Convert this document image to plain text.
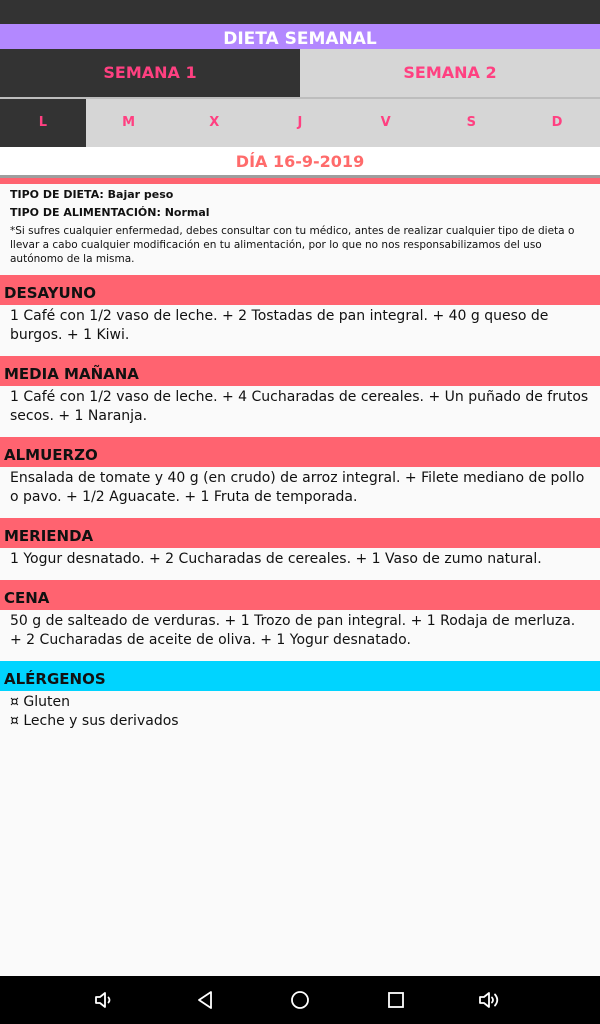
DIETA SEMANAL
SEMANA 1	SEMANA 2
L	M	X	J	V	S	D
DÍA 16-9-2019
TIPO DE DIETA: Bajar peso
TIPO DE ALIMENTACIÓN: Normal
*Si sufres cualquier enfermedad, debes consultar con tu médico, antes de realizar cualquier tipo de dieta o llevar a cabo cualquier modificación en tu alimentación, por lo que no nos responsabilizamos del uso autónomo de la misma.
DESAYUNO
1 Café con 1/2 vaso de leche. + 2 Tostadas de pan integral. + 40 g queso de burgos. + 1 Kiwi.
MEDIA MAÑANA
1 Café con 1/2 vaso de leche. + 4 Cucharadas de cereales. + Un puñado de frutos secos. + 1 Naranja.
ALMUERZO
Ensalada de tomate y 40 g (en crudo) de arroz integral. + Filete mediano de pollo o pavo. + 1/2 Aguacate. + 1 Fruta de temporada.
MERIENDA
1 Yogur desnatado. + 2 Cucharadas de cereales. + 1 Vaso de zumo natural.
CENA
50 g de salteado de verduras. + 1 Trozo de pan integral. + 1 Rodaja de merluza. + 2 Cucharadas de aceite de oliva. + 1 Yogur desnatado.
ALÉRGENOS
¤ Gluten
¤ Leche y sus derivados
